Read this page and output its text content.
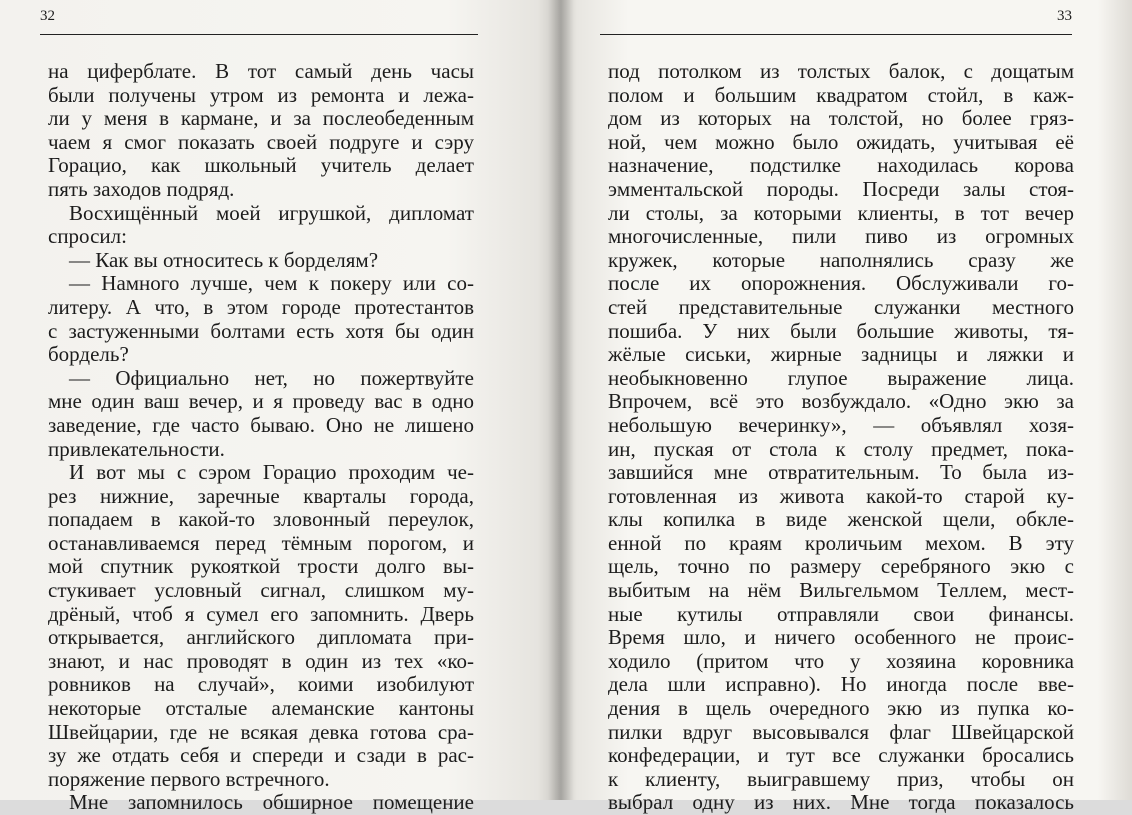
32

на циферблате. В тот самый день часы

были получены утром из ремонта и лежа-

ли у меня в кармане, и за послеобеденным

чаем я смог показать своей подруге и сэру

Горацио, как школьный учитель делает

пять заходов подряд.

Восхищённый моей игрушкой, дипломат

спросил:

— Как вы относитесь к борделям?

— Намного лучше, чем к покеру или со-

литеру. А что, в этом городе протестантов

с застуженными болтами есть хотя бы один

бордель?

— Официально нет, но пожертвуйте

мне один ваш вечер, и я проведу вас в одно

заведение, где часто бываю. Оно не лишено

привлекательности.

И вот мы с сэром Горацио проходим че-

рез нижние, заречные кварталы города,

попадаем в какой-то зловонный переулок,

останавливаемся перед тёмным порогом, и

мой спутник рукояткой трости долго вы-

стукивает условный сигнал, слишком му-

дрёный, чтоб я сумел его запомнить. Дверь

открывается, английского дипломата при-

знают, и нас проводят в один из тех «ко-

ровников на случай», коими изобилуют

некоторые отсталые алеманские кантоны

Швейцарии, где не всякая девка готова сра-

зу же отдать себя и спереди и сзади в рас-

поряжение первого встречного.

Мне запомнилось обширное помещение

33

под потолком из толстых балок, с дощатым

полом и большим квадратом стойл, в каж-

дом из которых на толстой, но более гряз-

ной, чем можно было ожидать, учитывая её

назначение, подстилке находилась корова

эмментальской породы. Посреди залы стоя-

ли столы, за которыми клиенты, в тот вечер

многочисленные, пили пиво из огромных

кружек, которые наполнялись сразу же

после их опорожнения. Обслуживали го-

стей представительные служанки местного

пошиба. У них были большие животы, тя-

жёлые сиськи, жирные задницы и ляжки и

необыкновенно глупое выражение лица.

Впрочем, всё это возбуждало. «Одно экю за

небольшую вечеринку», — объявлял хозя-

ин, пуская от стола к столу предмет, пока-

завшийся мне отвратительным. То была из-

готовленная из живота какой-то старой ку-

клы копилка в виде женской щели, обкле-

енной по краям кроличьим мехом. В эту

щель, точно по размеру серебряного экю с

выбитым на нём Вильгельмом Теллем, мест-

ные кутилы отправляли свои финансы.

Время шло, и ничего особенного не проис-

ходило (притом что у хозяина коровника

дела шли исправно). Но иногда после вве-

дения в щель очередного экю из пупка ко-

пилки вдруг высовывался флаг Швейцарской

конфедерации, и тут все служанки бросались

к клиенту, выигравшему приз, чтобы он

выбрал одну из них. Мне тогда показалось
